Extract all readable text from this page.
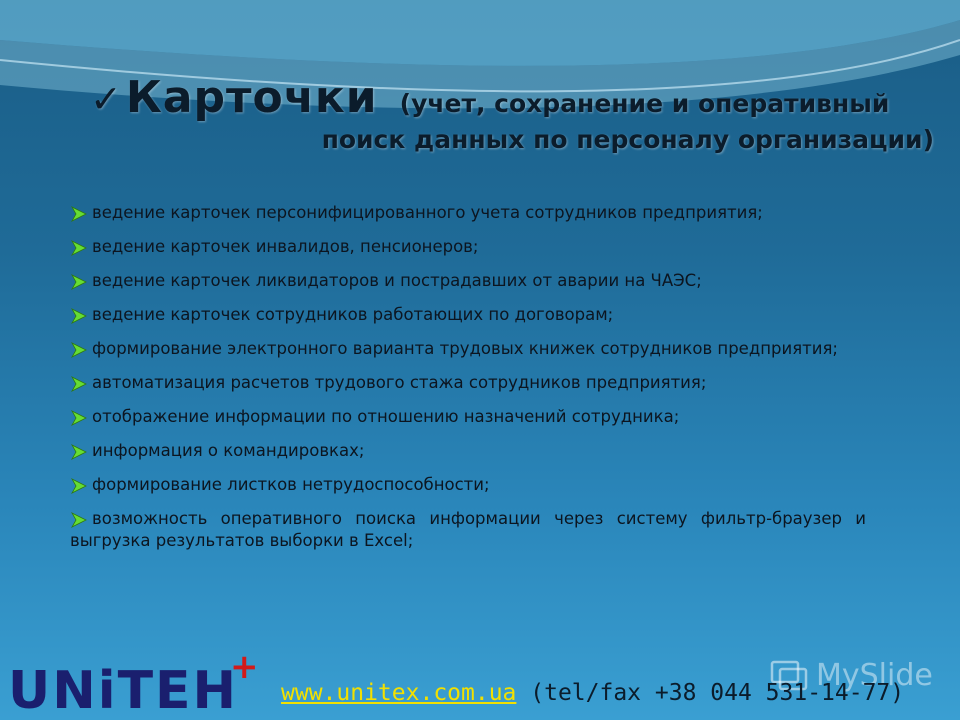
✓ Карточки (учет, сохранение и оперативный
поиск данных по персоналу организации)
ведение карточек персонифицированного учета сотрудников предприятия;
ведение карточек инвалидов, пенсионеров;
ведение карточек ликвидаторов и пострадавших от аварии на ЧАЭС;
ведение карточек сотрудников работающих по договорам;
формирование электронного варианта трудовых книжек сотрудников предприятия;
автоматизация расчетов трудового стажа сотрудников предприятия;
отображение информации по отношению назначений сотрудника;
информация о командировках;
формирование листков нетрудоспособности;
возможность оперативного поиска информации через систему фильтр-браузер и выгрузка результатов выборки в Excel;
UNiTEH
+	MySlide
www.unitex.com.ua (tel/fax +38 044 531-14-77)
